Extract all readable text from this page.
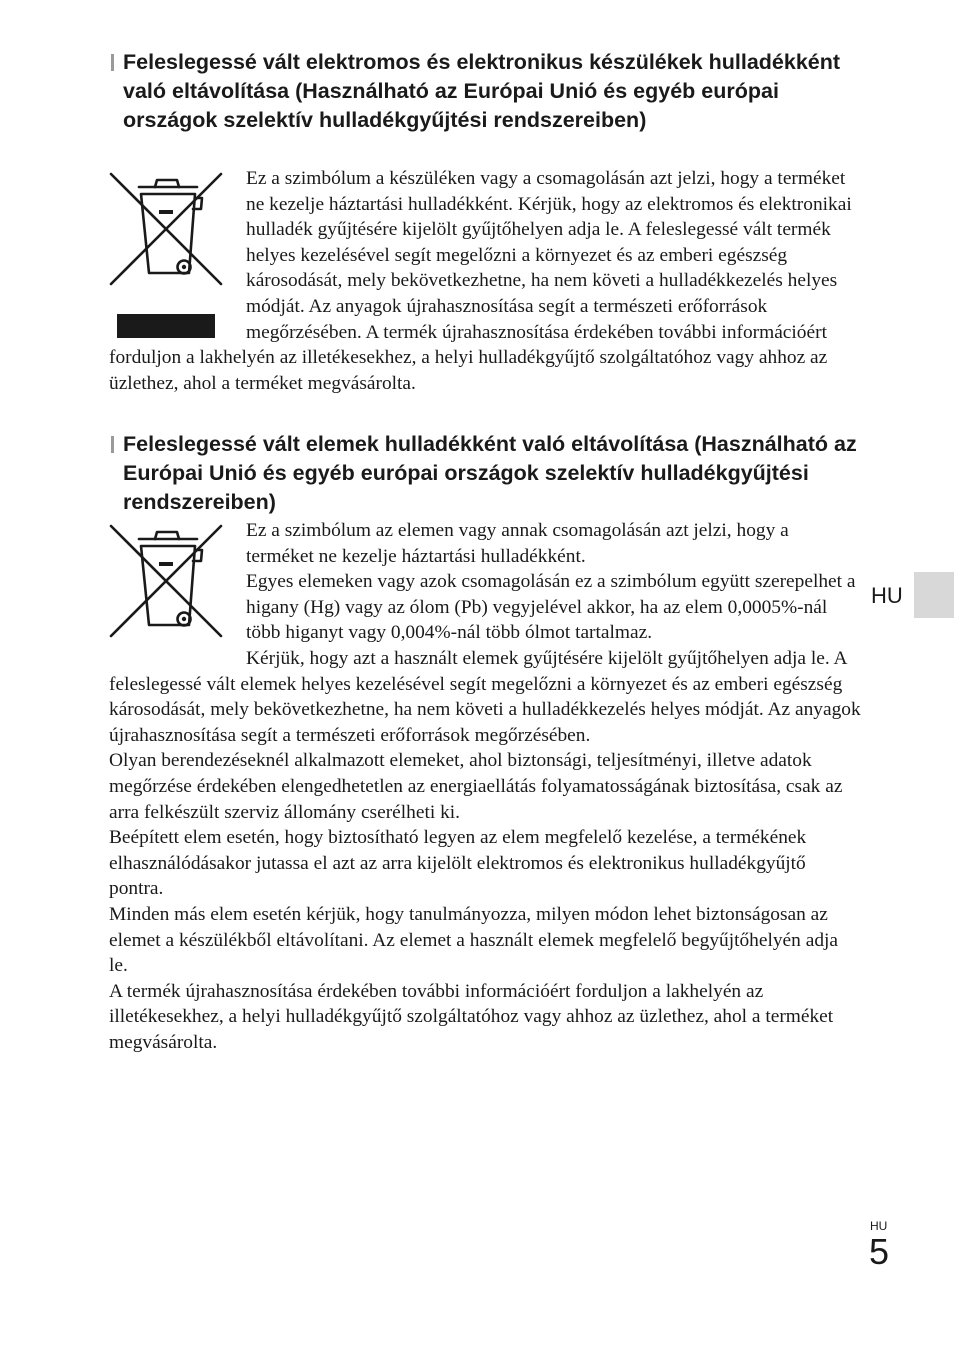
Feleslegessé vált elektromos és elektronikus készülékek hulladékként való eltávolítása (Használható az Európai Unió és egyéb európai országok szelektív hulladékgyűjtési rendszereiben)

Ez a szimbólum a készüléken vagy a csomagolásán azt jelzi, hogy a terméket ne kezelje háztartási hulladékként. Kérjük, hogy az elektromos és elektronikai hulladék gyűjtésére kijelölt gyűjtőhelyen adja le. A feleslegessé vált termék helyes kezelésével segít megelőzni a környezet és az emberi egészség károsodását, mely bekövetkezhetne, ha nem követi a hulladékkezelés helyes módját. Az anyagok újrahasznosítása segít a természeti erőforrások megőrzésében. A termék újrahasznosítása érdekében további információért forduljon a lakhelyén az illetékesekhez, a helyi hulladékgyűjtő szolgáltatóhoz vagy ahhoz az üzlethez, ahol a terméket megvásárolta.

Feleslegessé vált elemek hulladékként való eltávolítása (Használható az Európai Unió és egyéb európai országok szelektív hulladékgyűjtési rendszereiben)

Ez a szimbólum az elemen vagy annak csomagolásán azt jelzi, hogy a terméket ne kezelje háztartási hulladékként.

Egyes elemeken vagy azok csomagolásán ez a szimbólum együtt szerepelhet a higany (Hg) vagy az ólom (Pb) vegyjelével akkor, ha az elem 0,0005%-nál több higanyt vagy 0,004%-nál több ólmot tartalmaz.

Kérjük, hogy azt a használt elemek gyűjtésére kijelölt gyűjtőhelyen adja le. A feleslegessé vált elemek helyes kezelésével segít megelőzni a környezet és az emberi egészség károsodását, mely bekövetkezhetne, ha nem követi a hulladékkezelés helyes módját. Az anyagok újrahasznosítása segít a természeti erőforrások megőrzésében.

Olyan berendezéseknél alkalmazott elemeket, ahol biztonsági, teljesítményi, illetve adatok megőrzése érdekében elengedhetetlen az energiaellátás folyamatosságának biztosítása, csak az arra felkészült szerviz állomány cserélheti ki.

Beépített elem esetén, hogy biztosítható legyen az elem megfelelő kezelése, a termékének elhasználódásakor jutassa el azt az arra kijelölt elektromos és elektronikus hulladékgyűjtő pontra.

Minden más elem esetén kérjük, hogy tanulmányozza, milyen módon lehet biztonságosan az elemet a készülékből eltávolítani. Az elemet a használt elemek megfelelő begyűjtőhelyén adja le.

A termék újrahasznosítása érdekében további információért forduljon a lakhelyén az illetékesekhez, a helyi hulladékgyűjtő szolgáltatóhoz vagy ahhoz az üzlethez, ahol a terméket megvásárolta.

HU
HU
5
